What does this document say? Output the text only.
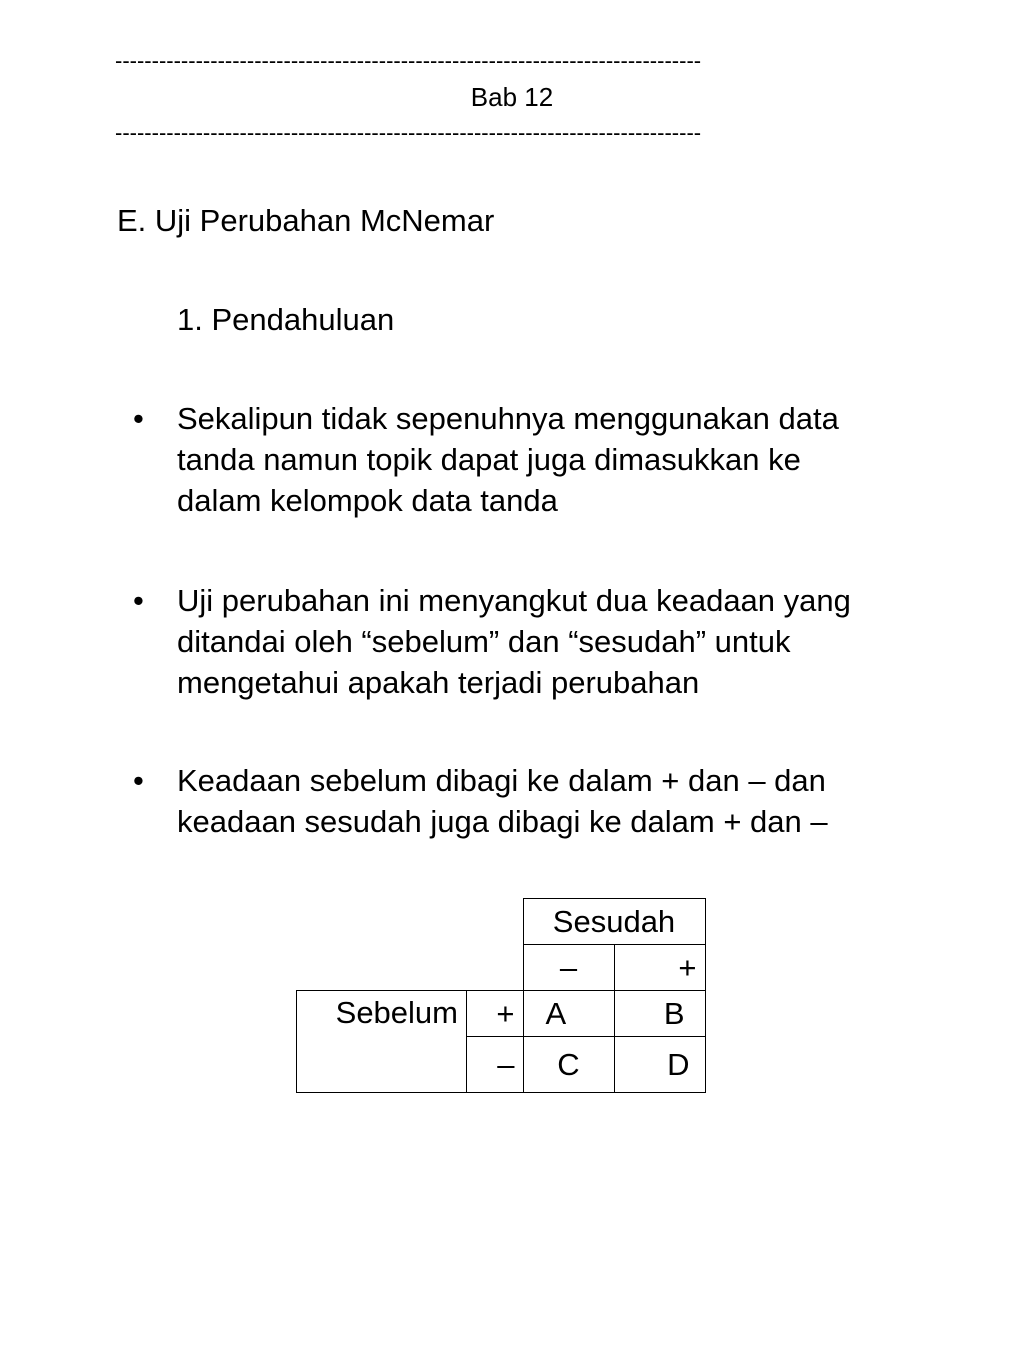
--------------------------------------------------------------------------------
Bab 12
--------------------------------------------------------------------------------
E. Uji Perubahan McNemar
1. Pendahuluan
• Sekalipun tidak sepenuhnya menggunakan data
tanda namun topik dapat juga dimasukkan ke
dalam kelompok data tanda
• Uji perubahan ini menyangkut dua keadaan yang
ditandai oleh “sebelum” dan “sesudah” untuk
mengetahui apakah terjadi perubahan
• Keadaan sebelum dibagi ke dalam + dan – dan
keadaan sesudah juga dibagi ke dalam + dan –
		Sesudah	
		–	+
Sebelum	+	A	B
	–	C	D
